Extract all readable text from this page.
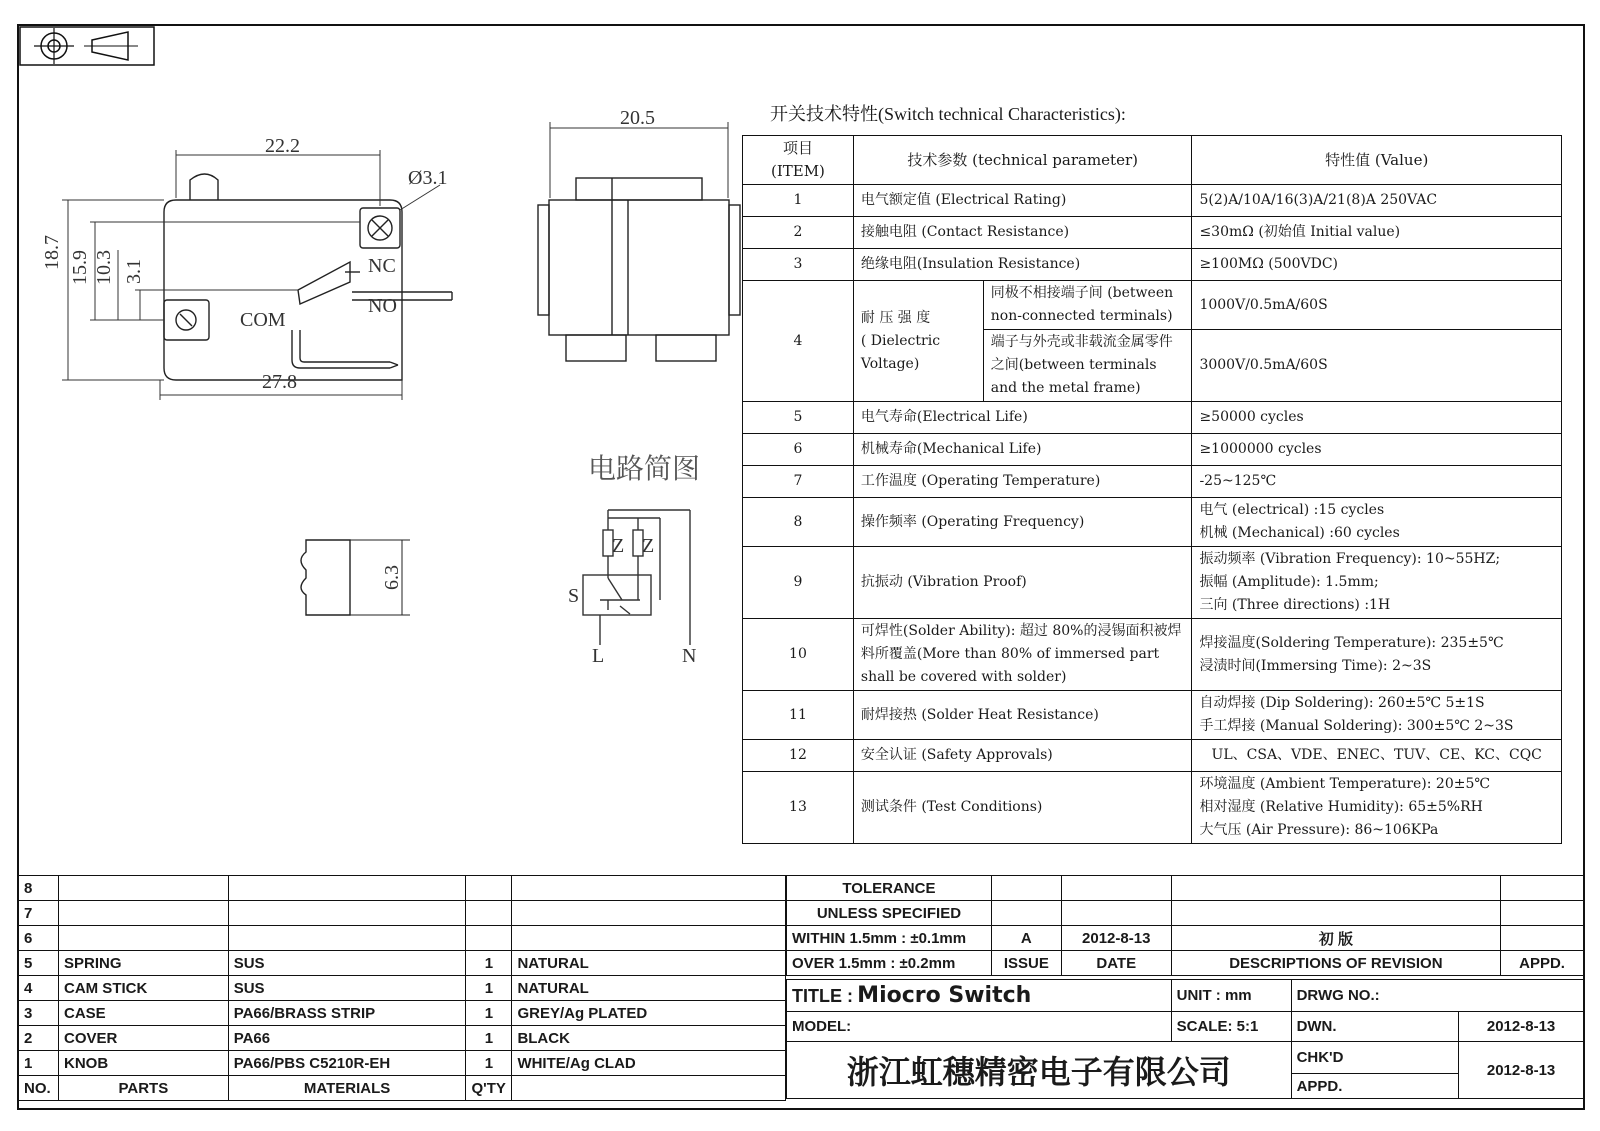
22.2
Ø3.1
27.8
18.7 15.9 10.3 3.1	NC
NO
COM
20.5
6.3
电路简图
S
Z Z
L	N
开关技术特性(Switch technical Characteristics):
项目
(ITEM)	技术参数 (technical parameter)		特性值 (Value)
1	电气额定值 (Electrical Rating)		5(2)A/10A/16(3)A/21(8)A 250VAC
2	接触电阻 (Contact Resistance)		≤30mΩ (初始值 Initial value)
3	绝缘电阻(Insulation Resistance)		≥100MΩ (500VDC)
4	耐 压 强 度
( Dielectric Voltage)	同极不相接端子间 (between non-connected terminals)	1000V/0.5mA/60S
		端子与外壳或非载流金属零件之间(between terminals and the metal frame)	3000V/0.5mA/60S
5	电气寿命(Electrical Life)		≥50000 cycles
6	机械寿命(Mechanical Life)		≥1000000 cycles
7	工作温度 (Operating Temperature)		-25~125℃
8	操作频率 (Operating Frequency)		电气 (electrical) :15 cycles
机械 (Mechanical) :60 cycles

9	抗振动 (Vibration Proof)		振动频率 (Vibration Frequency): 10~55HZ;
振幅 (Amplitude): 1.5mm;
三向 (Three directions) :1H

10	可焊性(Solder Ability): 超过 80%的浸锡面积被焊料所覆盖(More than 80% of immersed part shall be covered with solder)		焊接温度(Soldering Temperature): 235±5℃
浸渍时间(Immersing Time): 2~3S

11	耐焊接热 (Solder Heat Resistance)		自动焊接 (Dip Soldering): 260±5℃ 5±1S
手工焊接 (Manual Soldering): 300±5℃ 2~3S

12	安全认证 (Safety Approvals)		UL、CSA、VDE、ENEC、TUV、CE、KC、CQC
13	测试条件 (Test Conditions)		环境温度 (Ambient Temperature): 20±5℃
相对湿度 (Relative Humidity): 65±5%RH
大气压 (Air Pressure): 86~106KPa
8				
7				
6				
5	SPRING	SUS	1	NATURAL
4	CAM STICK	SUS	1	NATURAL
3	CASE	PA66/BRASS STRIP	1	GREY/Ag PLATED
2	COVER	PA66	1	BLACK
1	KNOB	PA66/PBS C5210R-EH	1	WHITE/Ag CLAD
NO.	PARTS	MATERIALS	Q'TY	
TOLERANCE				
UNLESS SPECIFIED				
WITHIN 1.5mm : ±0.1mm	A	2012-8-13	初 版	
OVER 1.5mm : ±0.2mm	ISSUE	DATE	DESCRIPTIONS OF REVISION	APPD.
TITLE : Miocro Switch	UNIT : mm	DRWG NO.:	
MODEL:	SCALE: 5:1	DWN.	2012-8-13
浙江虹穗精密电子有限公司		CHK'D	2012-8-13
		APPD.	
